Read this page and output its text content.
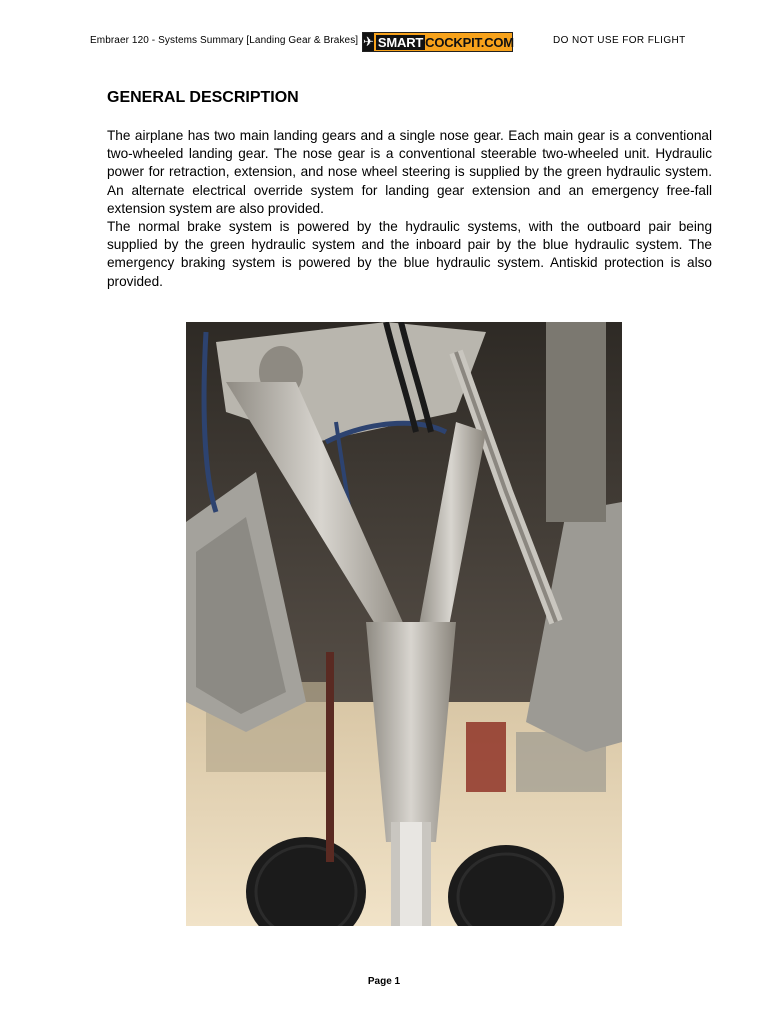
Embraer 120 - Systems Summary [Landing Gear & Brakes] ✈ SMART COCKPIT.COM	DO NOT USE FOR FLIGHT
GENERAL DESCRIPTION

The airplane has two main landing gears and a single nose gear. Each main gear is a conventional two-wheeled landing gear. The nose gear is a conventional steerable two-wheeled unit. Hydraulic power for retraction, extension, and nose wheel steering is supplied by the green hydraulic system. An alternate electrical override system for landing gear extension and an emergency free-fall extension system are also provided.

The normal brake system is powered by the hydraulic systems, with the outboard pair being supplied by the green hydraulic system and the inboard pair by the blue hydraulic system. The emergency braking system is powered by the blue hydraulic system. Antiskid protection is also provided.

Page 1
